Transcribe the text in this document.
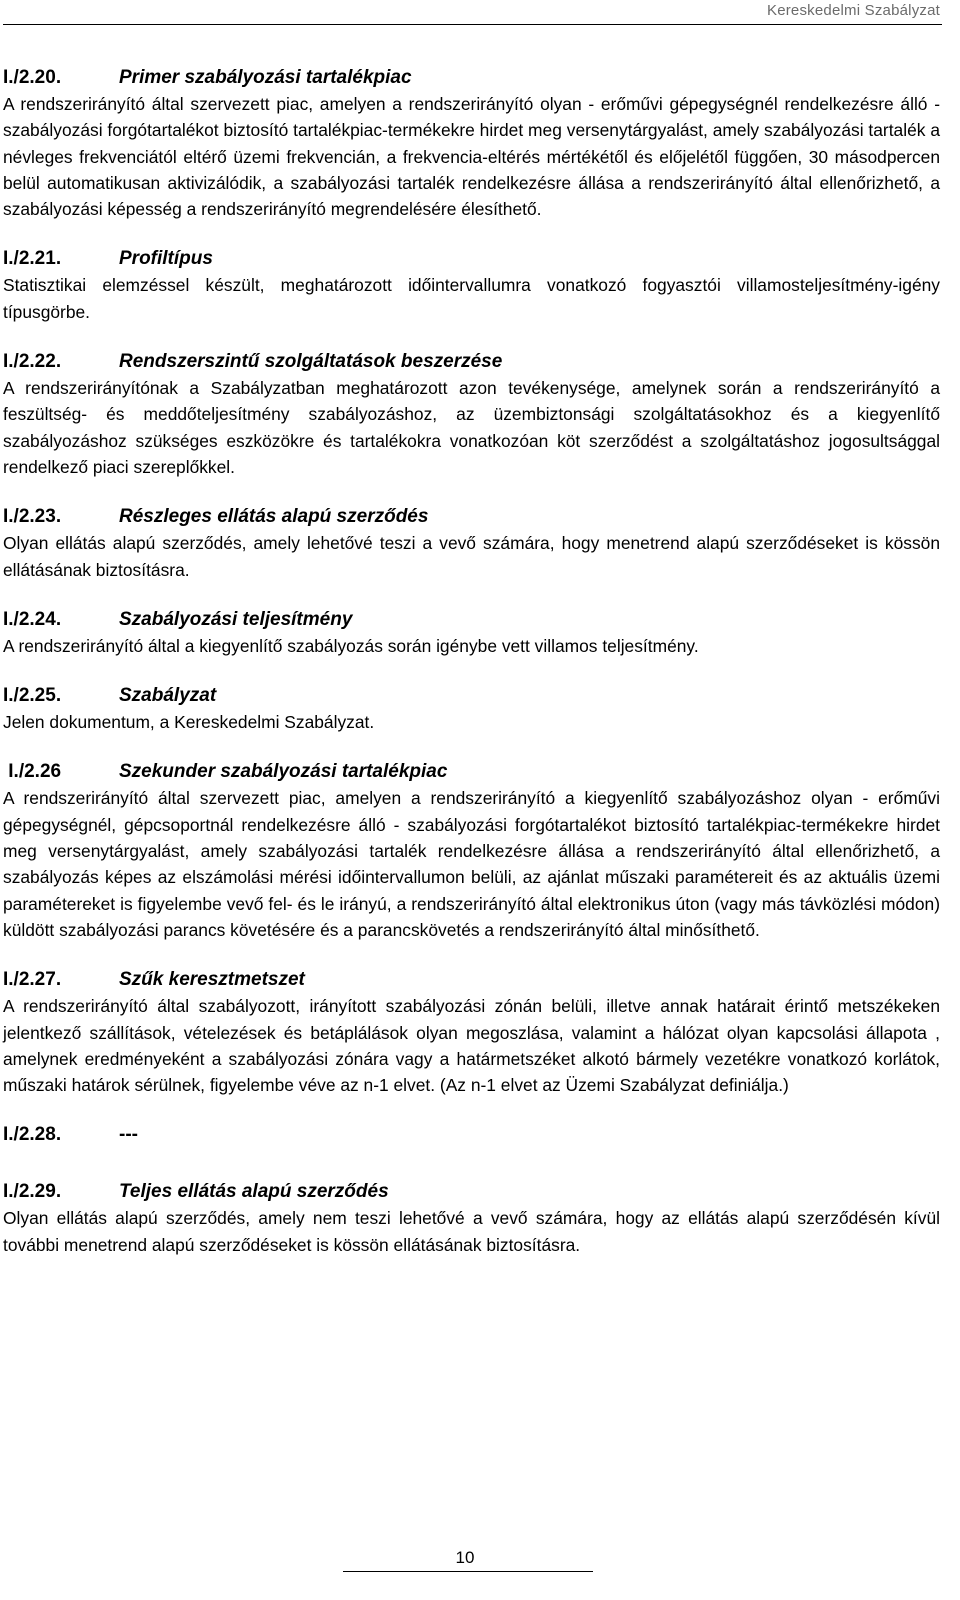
Kereskedelmi Szabályzat
I./2.20.	Primer szabályozási tartalékpiac

A rendszerirányító által szervezett piac, amelyen a rendszerirányító olyan - erőművi gépegységnél rendelkezésre álló - szabályozási forgótartalékot biztosító tartalékpiac-termékekre hirdet meg versenytárgyalást, amely szabályozási tartalék a névleges frekvenciától eltérő üzemi frekvencián, a frekvencia-eltérés mértékétől és előjelétől függően, 30 másodpercen belül automatikusan aktivizálódik, a szabályozási tartalék rendelkezésre állása a rendszerirányító által ellenőrizhető, a szabályozási képesség a rendszerirányító megrendelésére élesíthető.

I./2.21.	Profiltípus

Statisztikai elemzéssel készült, meghatározott időintervallumra vonatkozó fogyasztói villamosteljesítmény-igény típusgörbe.

I./2.22.	Rendszerszintű szolgáltatások beszerzése

A rendszerirányítónak a Szabályzatban meghatározott azon tevékenysége, amelynek során a rendszerirányító a feszültség- és meddőteljesítmény szabályozáshoz, az üzembiztonsági szolgáltatásokhoz és a kiegyenlítő szabályozáshoz szükséges eszközökre és tartalékokra vonatkozóan köt szerződést a szolgáltatáshoz jogosultsággal rendelkező piaci szereplőkkel.

I./2.23.	Részleges ellátás alapú szerződés

Olyan ellátás alapú szerződés, amely lehetővé teszi a vevő számára, hogy menetrend alapú szerződéseket is kössön ellátásának biztosításra.

I./2.24.	Szabályozási teljesítmény

A rendszerirányító által a kiegyenlítő szabályozás során igénybe vett villamos teljesítmény.

I./2.25.	Szabályzat

Jelen dokumentum, a Kereskedelmi Szabályzat.

I./2.26	Szekunder szabályozási tartalékpiac

A rendszerirányító által szervezett piac, amelyen a rendszerirányító a kiegyenlítő szabályozáshoz olyan - erőművi gépegységnél, gépcsoportnál rendelkezésre álló - szabályozási forgótartalékot biztosító tartalékpiac-termékekre hirdet meg versenytárgyalást, amely szabályozási tartalék rendelkezésre állása a rendszerirányító által ellenőrizhető, a szabályozás képes az elszámolási mérési időintervallumon belüli, az ajánlat műszaki paramétereit és az aktuális üzemi paramétereket is figyelembe vevő fel- és le irányú, a rendszerirányító által elektronikus úton (vagy más távközlési módon) küldött szabályozási parancs követésére és a parancskövetés a rendszerirányító által minősíthető.

I./2.27.	Szűk keresztmetszet

A rendszerirányító által szabályozott, irányított szabályozási zónán belüli, illetve annak határait érintő metszékeken jelentkező szállítások, vételezések és betáplálások olyan megoszlása, valamint a hálózat olyan kapcsolási állapota , amelynek eredményeként a szabályozási zónára vagy a határmetszéket alkotó bármely vezetékre vonatkozó korlátok, műszaki határok sérülnek, figyelembe véve az n-1 elvet. (Az n-1 elvet az Üzemi Szabályzat definiálja.)

I./2.28.	---
I./2.29.	Teljes ellátás alapú szerződés

Olyan ellátás alapú szerződés, amely nem teszi lehetővé a vevő számára, hogy az ellátás alapú szerződésén kívül további menetrend alapú szerződéseket is kössön ellátásának biztosításra.

10
